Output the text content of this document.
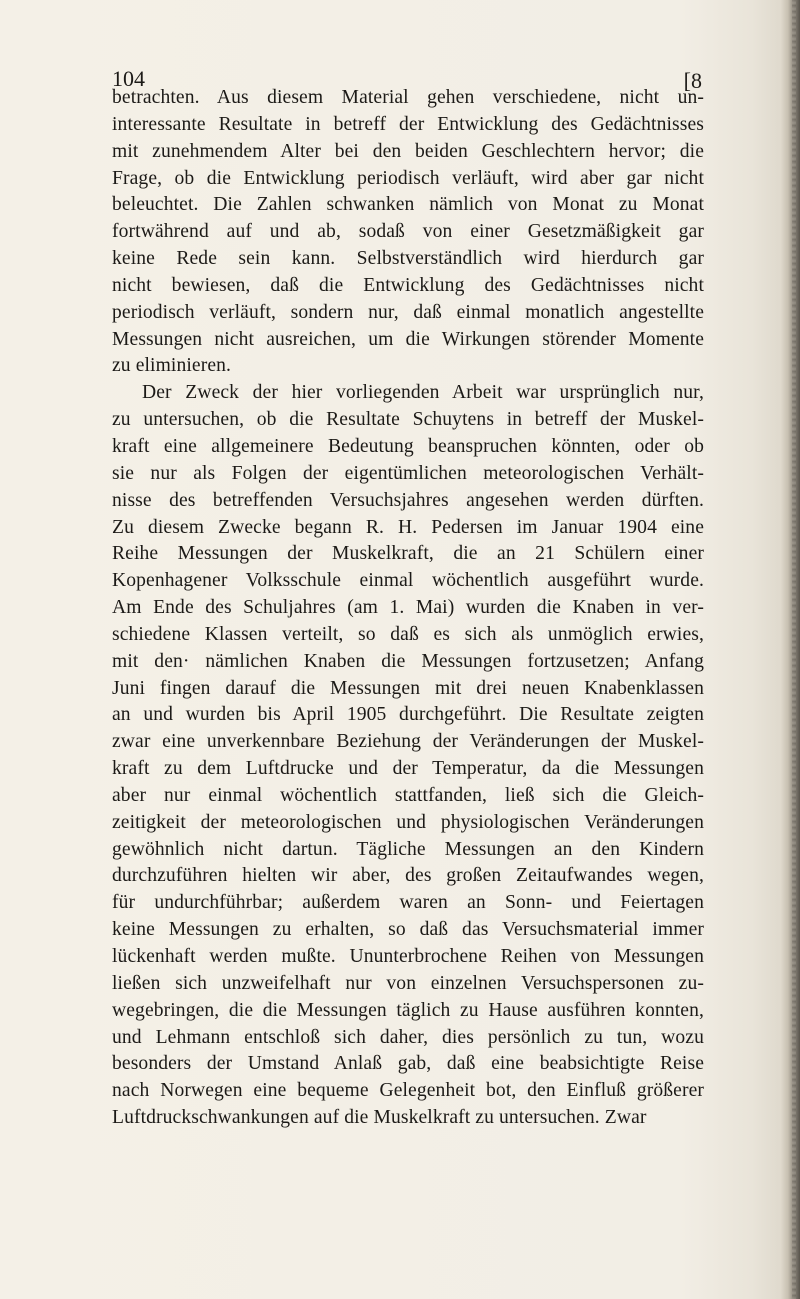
104	[8
betrachten. Aus diesem Material gehen verschiedene, nicht un-
interessante Resultate in betreff der Entwicklung des Gedächtnisses
mit zunehmendem Alter bei den beiden Geschlechtern hervor; die
Frage, ob die Entwicklung periodisch verläuft, wird aber gar nicht
beleuchtet. Die Zahlen schwanken nämlich von Monat zu Monat
fortwährend auf und ab, sodaß von einer Gesetzmäßigkeit gar
keine Rede sein kann. Selbstverständlich wird hierdurch gar
nicht bewiesen, daß die Entwicklung des Gedächtnisses nicht
periodisch verläuft, sondern nur, daß einmal monatlich angestellte
Messungen nicht ausreichen, um die Wirkungen störender Momente
zu eliminieren.
Der Zweck der hier vorliegenden Arbeit war ursprünglich nur,
zu untersuchen, ob die Resultate Schuytens in betreff der Muskel-
kraft eine allgemeinere Bedeutung beanspruchen könnten, oder ob
sie nur als Folgen der eigentümlichen meteorologischen Verhält-
nisse des betreffenden Versuchsjahres angesehen werden dürften.
Zu diesem Zwecke begann R. H. Pedersen im Januar 1904 eine
Reihe Messungen der Muskelkraft, die an 21 Schülern einer
Kopenhagener Volksschule einmal wöchentlich ausgeführt wurde.
Am Ende des Schuljahres (am 1. Mai) wurden die Knaben in ver-
schiedene Klassen verteilt, so daß es sich als unmöglich erwies,
mit den· nämlichen Knaben die Messungen fortzusetzen; Anfang
Juni fingen darauf die Messungen mit drei neuen Knabenklassen
an und wurden bis April 1905 durchgeführt. Die Resultate zeigten
zwar eine unverkennbare Beziehung der Veränderungen der Muskel-
kraft zu dem Luftdrucke und der Temperatur, da die Messungen
aber nur einmal wöchentlich stattfanden, ließ sich die Gleich-
zeitigkeit der meteorologischen und physiologischen Veränderungen
gewöhnlich nicht dartun. Tägliche Messungen an den Kindern
durchzuführen hielten wir aber, des großen Zeitaufwandes wegen,
für undurchführbar; außerdem waren an Sonn- und Feiertagen
keine Messungen zu erhalten, so daß das Versuchsmaterial immer
lückenhaft werden mußte. Ununterbrochene Reihen von Messungen
ließen sich unzweifelhaft nur von einzelnen Versuchspersonen zu-
wegebringen, die die Messungen täglich zu Hause ausführen konnten,
und Lehmann entschloß sich daher, dies persönlich zu tun, wozu
besonders der Umstand Anlaß gab, daß eine beabsichtigte Reise
nach Norwegen eine bequeme Gelegenheit bot, den Einfluß größerer
Luftdruckschwankungen auf die Muskelkraft zu untersuchen. Zwar
